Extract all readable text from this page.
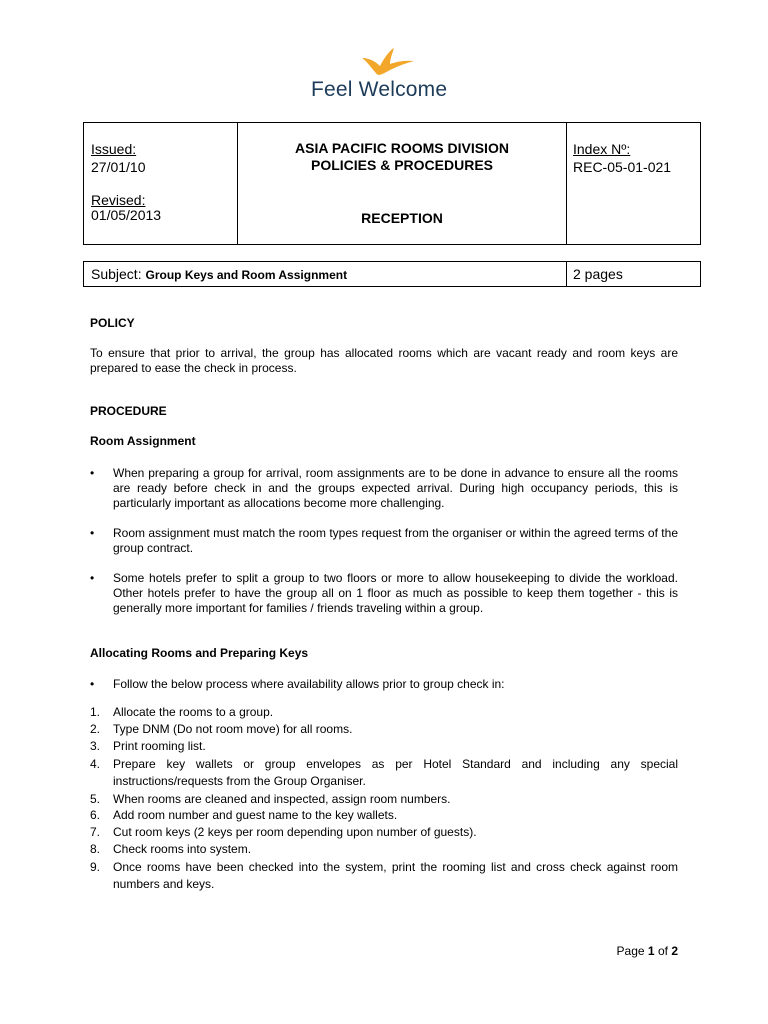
Feel Welcome
Issued:
27/01/10
Revised:
01/05/2013
ASIA PACIFIC ROOMS DIVISION
POLICIES & PROCEDURES
RECEPTION
Index Nº:
REC-05-01-021
Subject: Group Keys and Room Assignment	2 pages
POLICY
To ensure that prior to arrival, the group has allocated rooms which are vacant ready and room keys are prepared to ease the check in process.
PROCEDURE
Room Assignment
• When preparing a group for arrival, room assignments are to be done in advance to ensure all the rooms are ready before check in and the groups expected arrival. During high occupancy periods, this is particularly important as allocations become more challenging.
• Room assignment must match the room types request from the organiser or within the agreed terms of the group contract.
• Some hotels prefer to split a group to two floors or more to allow housekeeping to divide the workload. Other hotels prefer to have the group all on 1 floor as much as possible to keep them together - this is generally more important for families / friends traveling within a group.
Allocating Rooms and Preparing Keys
• Follow the below process where availability allows prior to group check in:
1. Allocate the rooms to a group.
2. Type DNM (Do not room move) for all rooms.
3. Print rooming list.
4. Prepare key wallets or group envelopes as per Hotel Standard and including any special instructions/requests from the Group Organiser.
5. When rooms are cleaned and inspected, assign room numbers.
6. Add room number and guest name to the key wallets.
7. Cut room keys (2 keys per room depending upon number of guests).
8. Check rooms into system.
9. Once rooms have been checked into the system, print the rooming list and cross check against room numbers and keys.
Page 1 of 2
